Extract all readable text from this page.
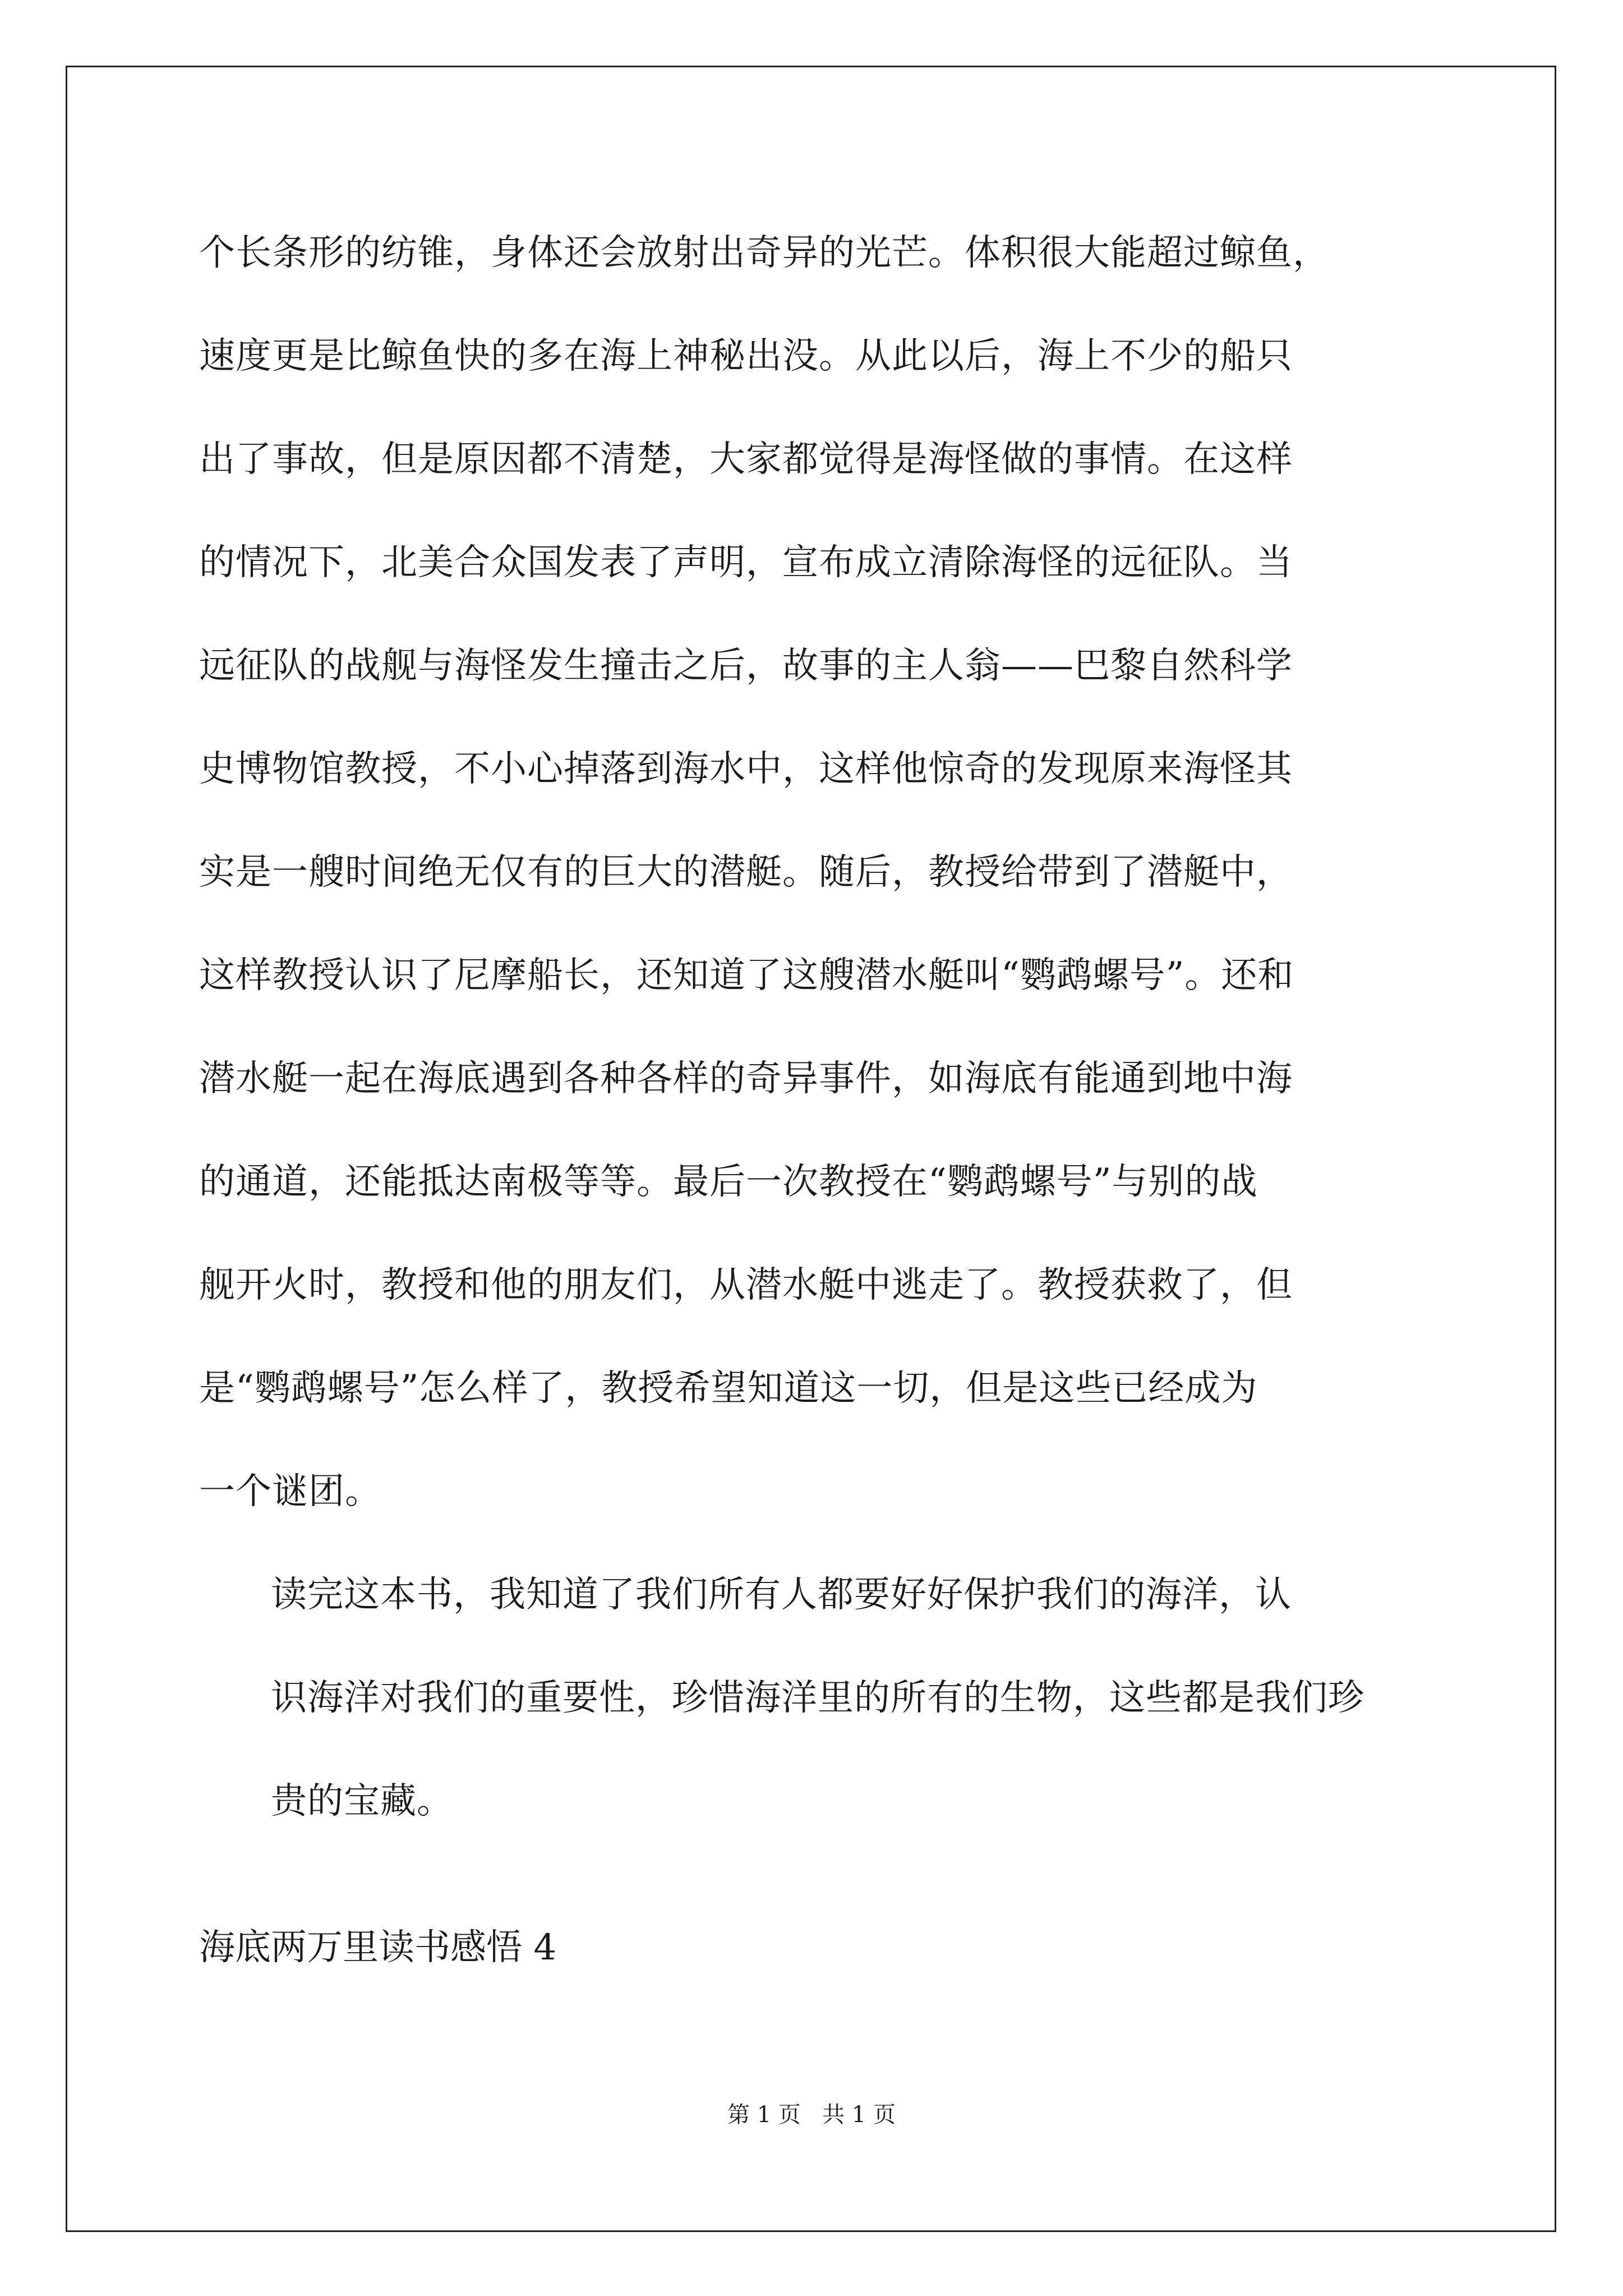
个长条形的纺锥，身体还会放射出奇异的光芒。体积很大能超过鲸鱼，
速度更是比鲸鱼快的多在海上神秘出没。从此以后，海上不少的船只
出了事故，但是原因都不清楚，大家都觉得是海怪做的事情。在这样
的情况下，北美合众国发表了声明，宣布成立清除海怪的远征队。当
远征队的战舰与海怪发生撞击之后，故事的主人翁——巴黎自然科学
史博物馆教授，不小心掉落到海水中，这样他惊奇的发现原来海怪其
实是一艘时间绝无仅有的巨大的潜艇。随后，教授给带到了潜艇中，
这样教授认识了尼摩船长，还知道了这艘潜水艇叫“鹦鹉螺号”。还和
潜水艇一起在海底遇到各种各样的奇异事件，如海底有能通到地中海
的通道，还能抵达南极等等。最后一次教授在“鹦鹉螺号”与别的战
舰开火时，教授和他的朋友们，从潜水艇中逃走了。教授获救了，但
是“鹦鹉螺号”怎么样了，教授希望知道这一切，但是这些已经成为
一个谜团。

读完这本书，我知道了我们所有人都要好好保护我们的海洋，认
识海洋对我们的重要性，珍惜海洋里的所有的生物，这些都是我们珍
贵的宝藏。

海底两万里读书感悟 4

第 1 页   共 1 页
